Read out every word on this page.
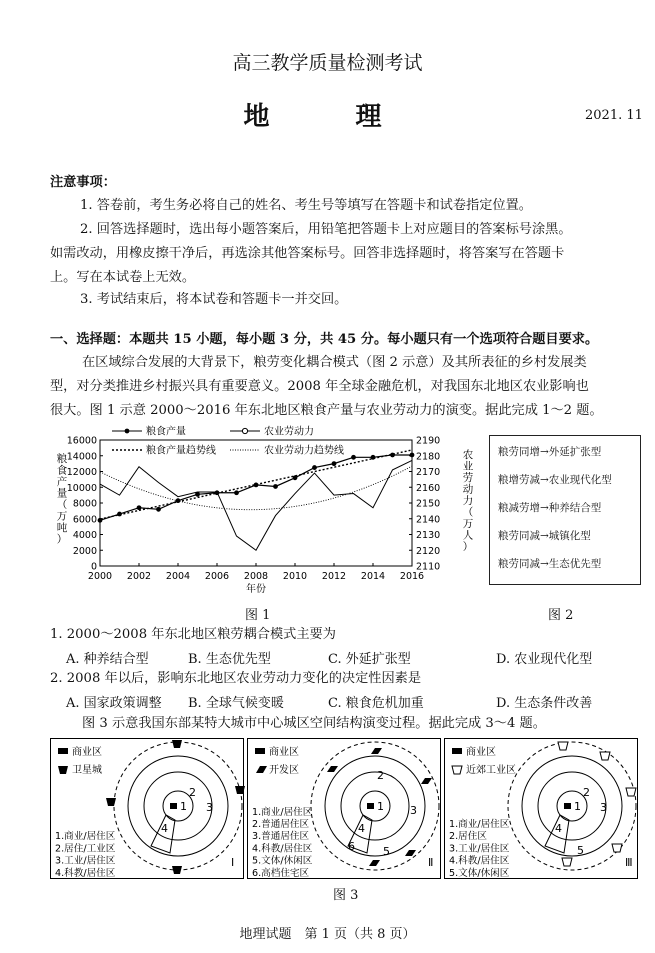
高三教学质量检测考试
地　理	2021. 11
注意事项：
1. 答卷前，考生务必将自己的姓名、考生号等填写在答题卡和试卷指定位置。
2. 回答选择题时，选出每小题答案后，用铅笔把答题卡上对应题目的答案标号涂黑。
如需改动，用橡皮擦干净后，再选涂其他答案标号。回答非选择题时，将答案写在答题卡
上。写在本试卷上无效。
3. 考试结束后，将本试卷和答题卡一并交回。
一、选择题：本题共 15 小题，每小题 3 分，共 45 分。每小题只有一个选项符合题目要求。
在区域综合发展的大背景下，粮劳变化耦合模式（图 2 示意）及其所表征的乡村发展类
型，对分类推进乡村振兴具有重要意义。2008 年全球金融危机，对我国东北地区农业影响也
很大。图 1 示意 2000～2016 年东北地区粮食产量与农业劳动力的演变。据此完成 1～2 题。
0
2000
4000
6000
8000
10000
12000
14000
16000
2110
2120
2130
2140
2150
2160
2170
2180
2190
2000 2002 2004 2006 2008 2010 2012 2014 2016
年份
粮
食
产
量
（
万
吨
）
农
业
劳
动
力
（
万
人
）
粮食产量	农业劳动力
粮食产量趋势线	农业劳动力趋势线
图 1
粮劳同增→外延扩张型
粮增劳减→农业现代化型
粮减劳增→种养结合型
粮劳同减→城镇化型
粮劳同减→生态优先型
图 2
1. 2000～2008 年东北地区粮劳耦合模式主要为
A. 种养结合型	B. 生态优先型	C. 外延扩张型	D. 农业现代化型
2. 2008 年以后，影响东北地区农业劳动力变化的决定性因素是
A. 国家政策调整 B. 全球气候变暖	C. 粮食危机加重	D. 生态条件改善
图 3 示意我国东部某特大城市中心城区空间结构演变过程。据此完成 3～4 题。
1
2
3
4
商业区
卫星城
1.商业/居住区
2.居住/工业区
3.工业/居住区
4.科教/居住区
Ⅰ
1
2
3
4
5
6
商业区
开发区
1.商业/居住区
2.普通居住区
3.普通居住区
4.科教/居住区
5.文体/休闲区
6.高档住宅区
Ⅱ
1
2
3
4
5
商业区
近郊工业区
1.商业/居住区
2.居住区
3.工业/居住区
4.科教/居住区
5.文体/休闲区
Ⅲ
图 3
地理试题　第 1 页（共 8 页）
